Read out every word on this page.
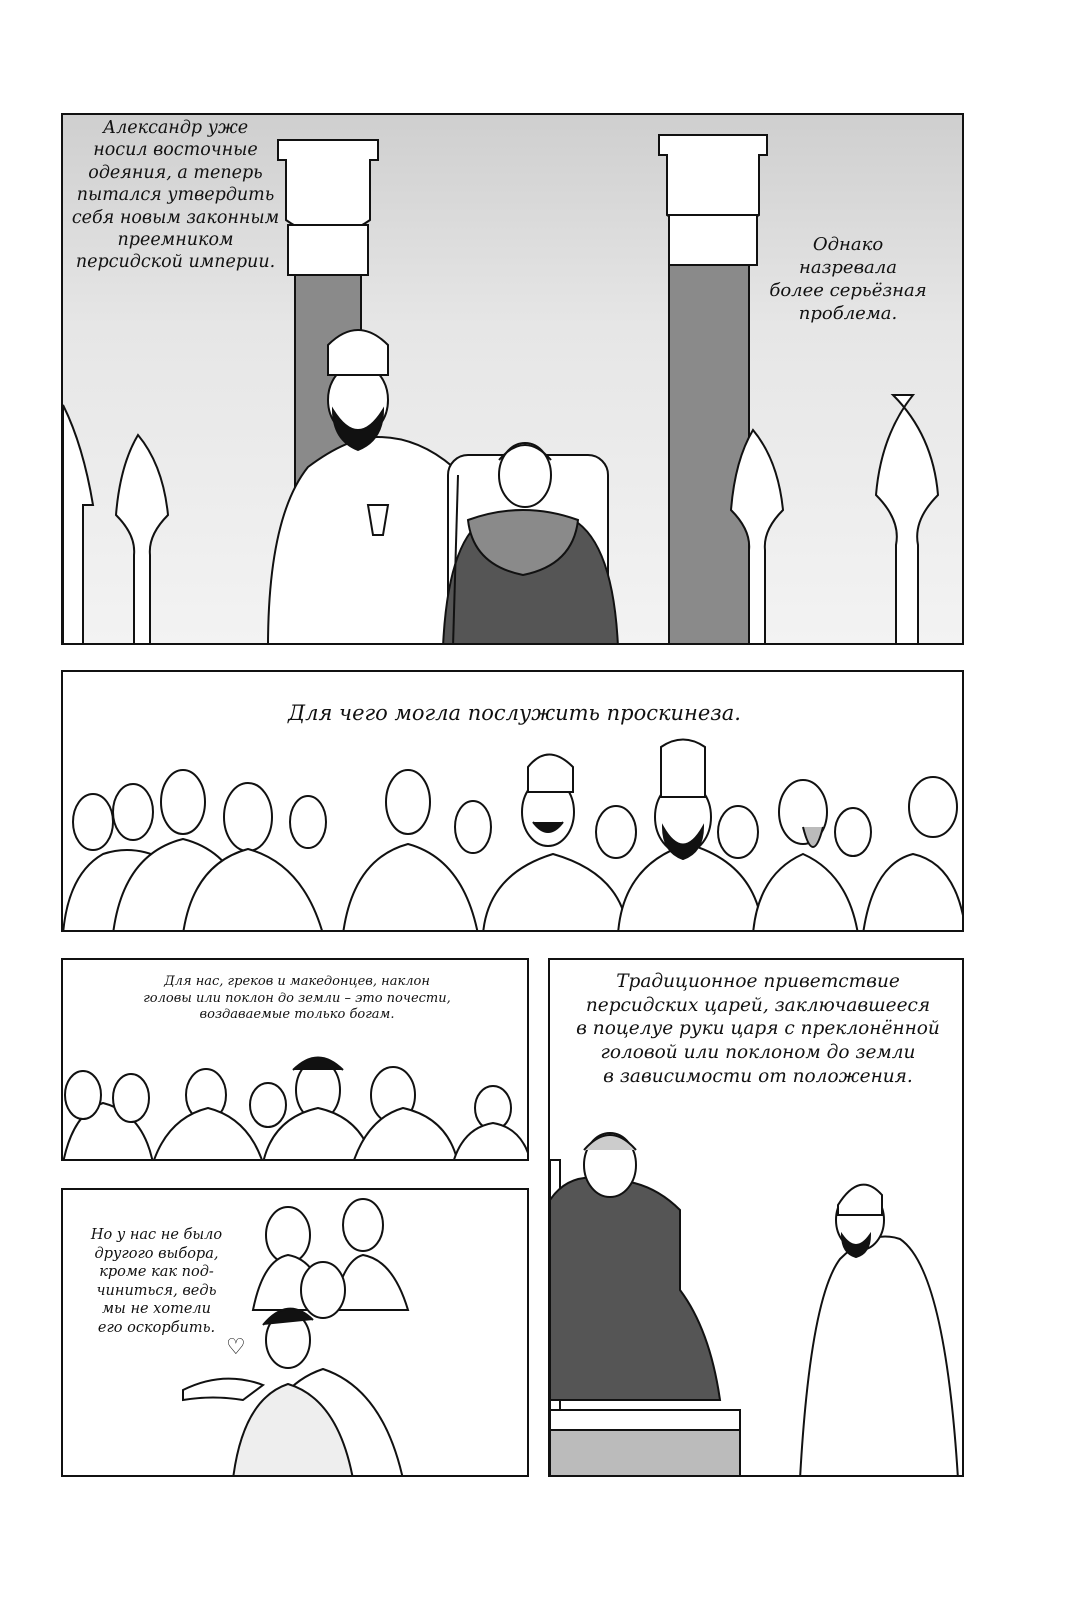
Александр уже
носил восточные
одеяния, а теперь
пытался утвердить
себя новым законным
преемником
персидской империи.
Однако назревала
более серьёзная
проблема.
Для чего могла послужить проскинеза.
Для нас, греков и македонцев, наклон
головы или поклон до земли – это почести,
воздаваемые только богам.
Традиционное приветствие
персидских царей, заключавшееся
в поцелуе руки царя с преклонённой
головой или поклоном до земли
в зависимости от положения.
Но у нас не было
другого выбора,
кроме как под-
чиниться, ведь
мы не хотели
его оскорбить.
♡
